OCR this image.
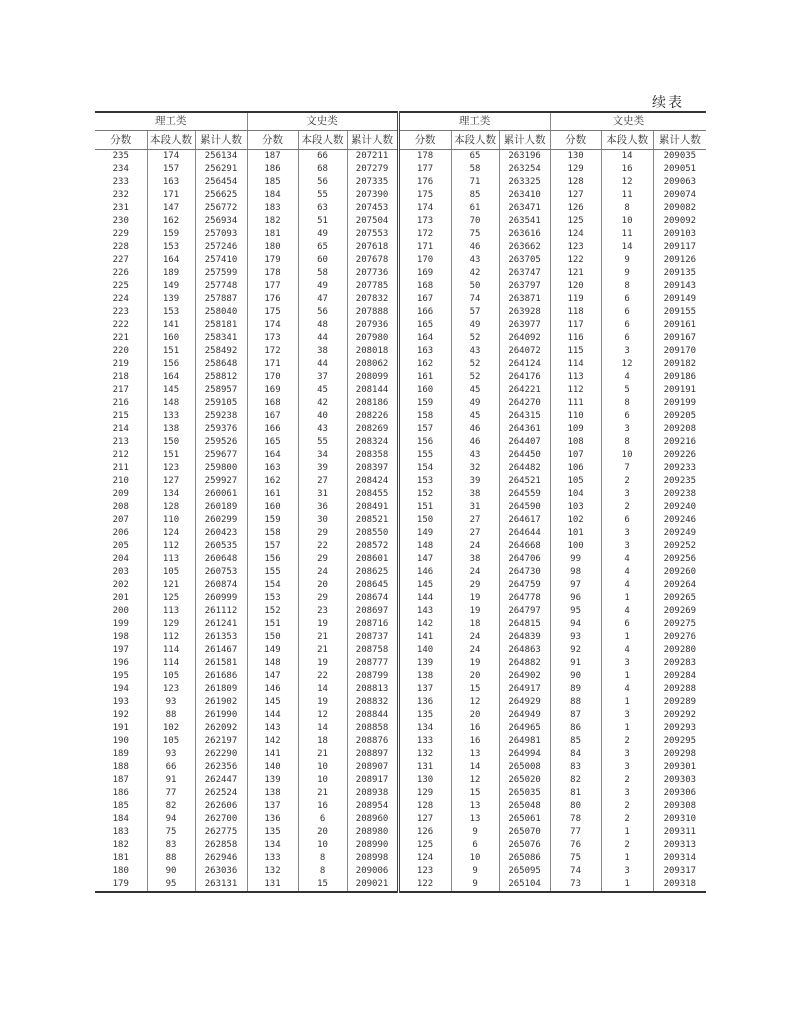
续表
理工类			文史类			理工类			文史类		
分数	本段人数	累计人数	分数	本段人数	累计人数	分数	本段人数	累计人数	分数	本段人数	累计人数
235	174	256134	187	66	207211	178	65	263196	130	14	209035
234	157	256291	186	68	207279	177	58	263254	129	16	209051
233	163	256454	185	56	207335	176	71	263325	128	12	209063
232	171	256625	184	55	207390	175	85	263410	127	11	209074
231	147	256772	183	63	207453	174	61	263471	126	8	209082
230	162	256934	182	51	207504	173	70	263541	125	10	209092
229	159	257093	181	49	207553	172	75	263616	124	11	209103
228	153	257246	180	65	207618	171	46	263662	123	14	209117
227	164	257410	179	60	207678	170	43	263705	122	9	209126
226	189	257599	178	58	207736	169	42	263747	121	9	209135
225	149	257748	177	49	207785	168	50	263797	120	8	209143
224	139	257887	176	47	207832	167	74	263871	119	6	209149
223	153	258040	175	56	207888	166	57	263928	118	6	209155
222	141	258181	174	48	207936	165	49	263977	117	6	209161
221	160	258341	173	44	207980	164	52	264092	116	6	209167
220	151	258492	172	38	208018	163	43	264072	115	3	209170
219	156	258648	171	44	208062	162	52	264124	114	12	209182
218	164	258812	170	37	208099	161	52	264176	113	4	209186
217	145	258957	169	45	208144	160	45	264221	112	5	209191
216	148	259105	168	42	208186	159	49	264270	111	8	209199
215	133	259238	167	40	208226	158	45	264315	110	6	209205
214	138	259376	166	43	208269	157	46	264361	109	3	209208
213	150	259526	165	55	208324	156	46	264407	108	8	209216
212	151	259677	164	34	208358	155	43	264450	107	10	209226
211	123	259800	163	39	208397	154	32	264482	106	7	209233
210	127	259927	162	27	208424	153	39	264521	105	2	209235
209	134	260061	161	31	208455	152	38	264559	104	3	209238
208	128	260189	160	36	208491	151	31	264590	103	2	209240
207	110	260299	159	30	208521	150	27	264617	102	6	209246
206	124	260423	158	29	208550	149	27	264644	101	3	209249
205	112	260535	157	22	208572	148	24	264668	100	3	209252
204	113	260648	156	29	208601	147	38	264706	99	4	209256
203	105	260753	155	24	208625	146	24	264730	98	4	209260
202	121	260874	154	20	208645	145	29	264759	97	4	209264
201	125	260999	153	29	208674	144	19	264778	96	1	209265
200	113	261112	152	23	208697	143	19	264797	95	4	209269
199	129	261241	151	19	208716	142	18	264815	94	6	209275
198	112	261353	150	21	208737	141	24	264839	93	1	209276
197	114	261467	149	21	208758	140	24	264863	92	4	209280
196	114	261581	148	19	208777	139	19	264882	91	3	209283
195	105	261686	147	22	208799	138	20	264902	90	1	209284
194	123	261809	146	14	208813	137	15	264917	89	4	209288
193	93	261902	145	19	208832	136	12	264929	88	1	209289
192	88	261990	144	12	208844	135	20	264949	87	3	209292
191	102	262092	143	14	208858	134	16	264965	86	1	209293
190	105	262197	142	18	208876	133	16	264981	85	2	209295
189	93	262290	141	21	208897	132	13	264994	84	3	209298
188	66	262356	140	10	208907	131	14	265008	83	3	209301
187	91	262447	139	10	208917	130	12	265020	82	2	209303
186	77	262524	138	21	208938	129	15	265035	81	3	209306
185	82	262606	137	16	208954	128	13	265048	80	2	209308
184	94	262700	136	6	208960	127	13	265061	78	2	209310
183	75	262775	135	20	208980	126	9	265070	77	1	209311
182	83	262858	134	10	208990	125	6	265076	76	2	209313
181	88	262946	133	8	208998	124	10	265086	75	1	209314
180	90	263036	132	8	209006	123	9	265095	74	3	209317
179	95	263131	131	15	209021	122	9	265104	73	1	209318
